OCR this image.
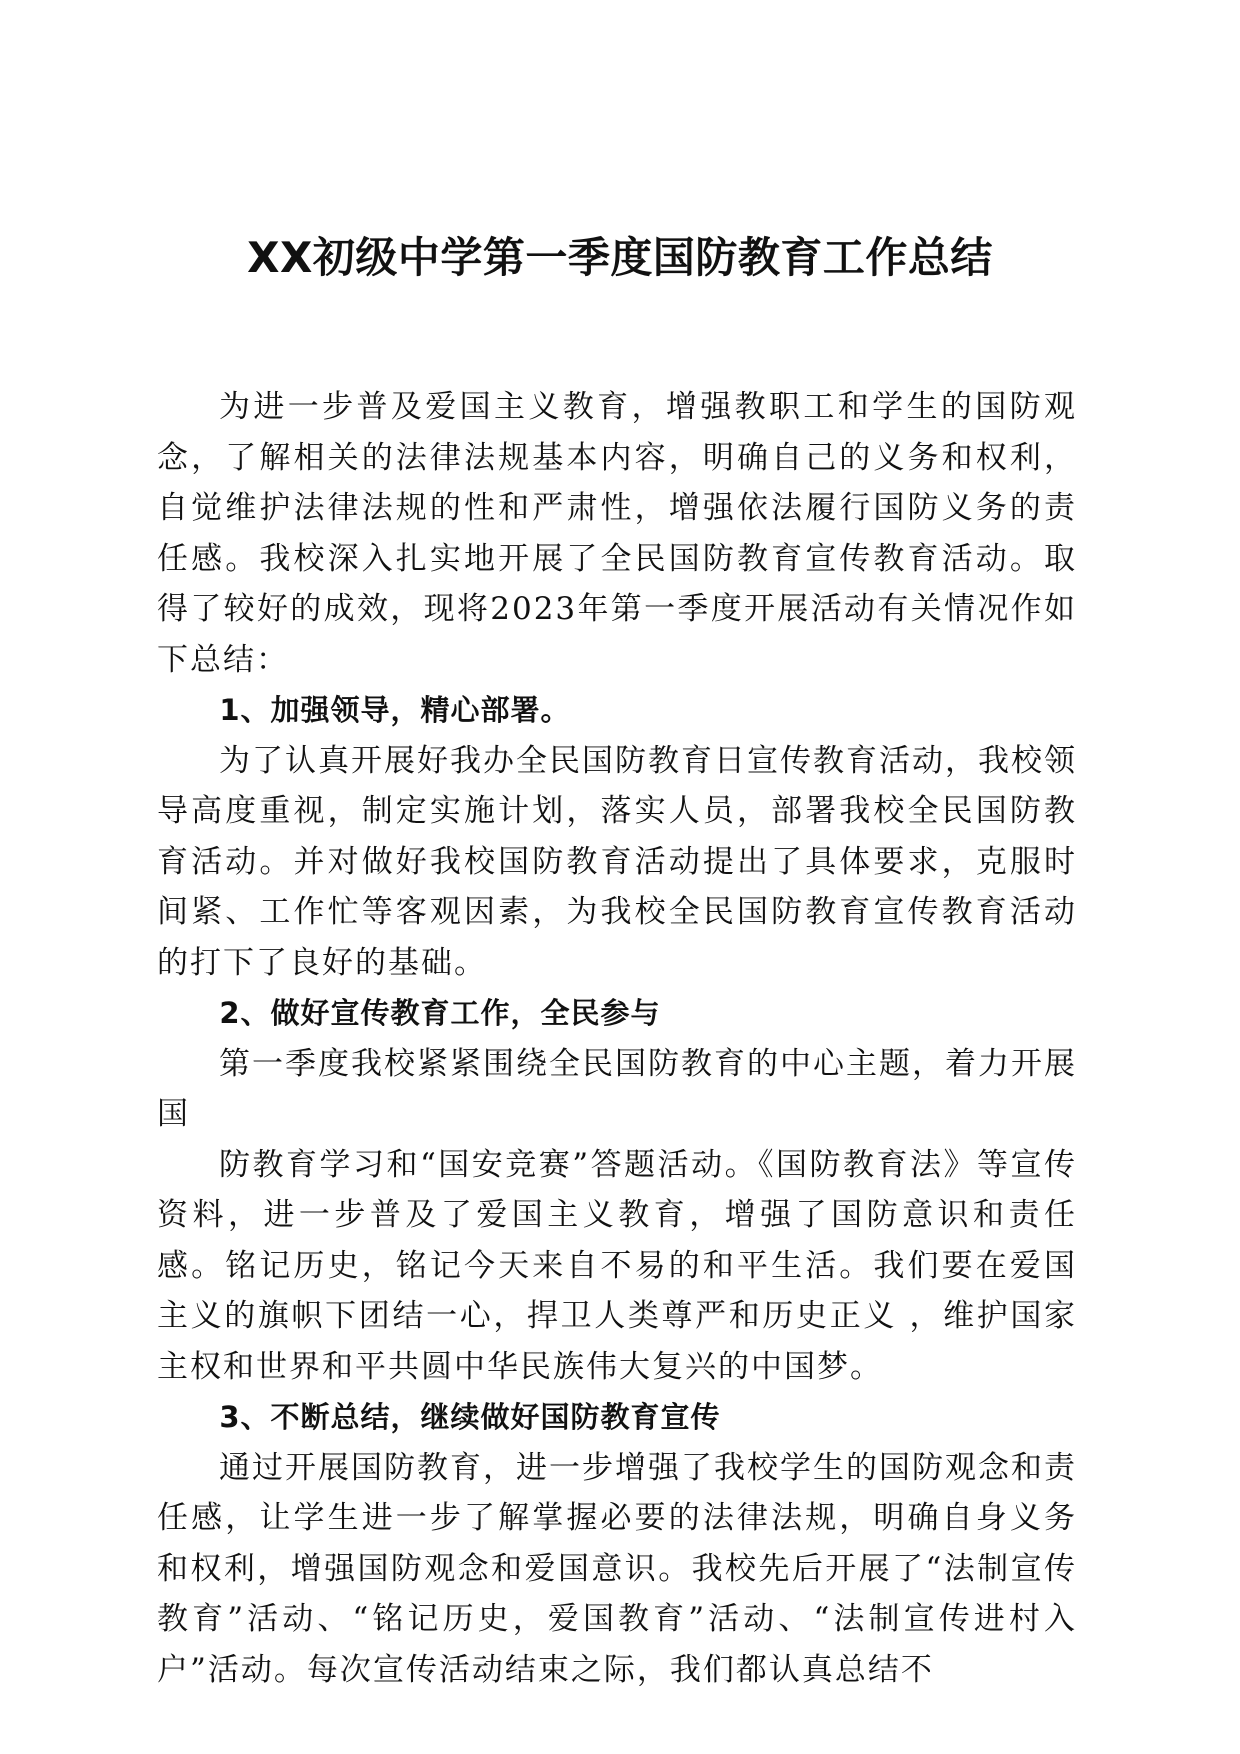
XX初级中学第一季度国防教育工作总结

为进一步普及爱国主义教育，增强教职工和学生的国防观念，了解相关的法律法规基本内容，明确自己的义务和权利，自觉维护法律法规的性和严肃性，增强依法履行国防义务的责任感。我校深入扎实地开展了全民国防教育宣传教育活动。取得了较好的成效，现将2023年第一季度开展活动有关情况作如下总结：

1、加强领导，精心部署。

为了认真开展好我办全民国防教育日宣传教育活动，我校领导高度重视，制定实施计划，落实人员，部署我校全民国防教育活动。并对做好我校国防教育活动提出了具体要求，克服时间紧、工作忙等客观因素，为我校全民国防教育宣传教育活动的打下了良好的基础。

2、做好宣传教育工作，全民参与

第一季度我校紧紧围绕全民国防教育的中心主题，着力开展国

防教育学习和“国安竞赛”答题活动。《国防教育法》等宣传资料，进一步普及了爱国主义教育，增强了国防意识和责任感。铭记历史，铭记今天来自不易的和平生活。我们要在爱国主义的旗帜下团结一心，捍卫人类尊严和历史正义 ，维护国家主权和世界和平共圆中华民族伟大复兴的中国梦。

3、不断总结，继续做好国防教育宣传

通过开展国防教育，进一步增强了我校学生的国防观念和责任感，让学生进一步了解掌握必要的法律法规，明确自身义务和权利，增强国防观念和爱国意识。我校先后开展了“法制宣传教育”活动、“铭记历史，爱国教育”活动、“法制宣传进村入户”活动。每次宣传活动结束之际，我们都认真总结不
